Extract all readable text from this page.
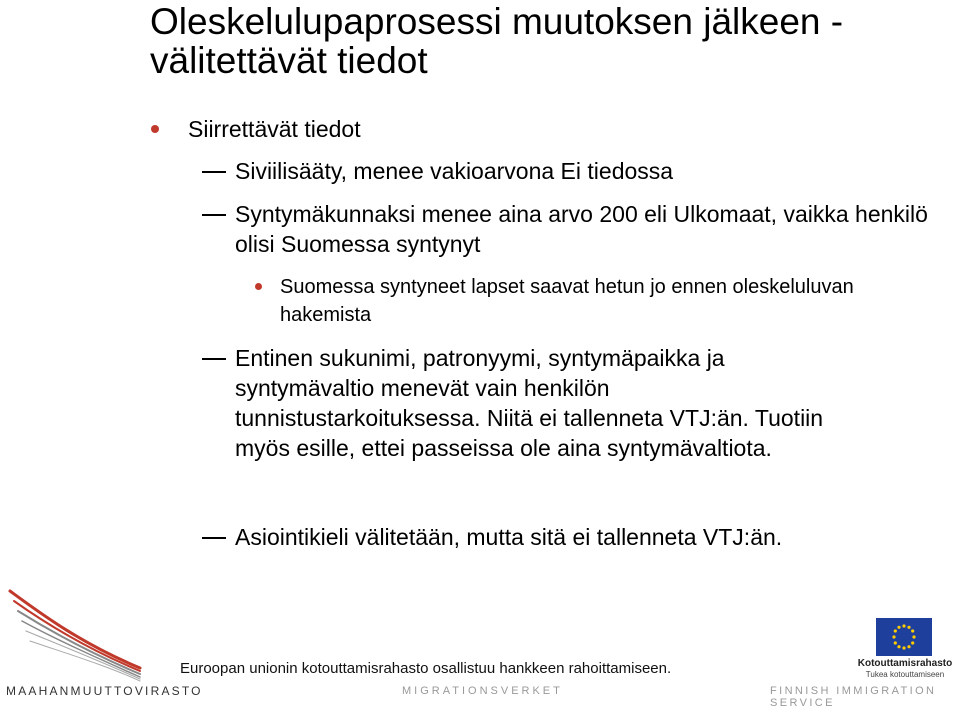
Oleskelulupaprosessi muutoksen jälkeen - välitettävät tiedot
Siirrettävät tiedot
Siviilisääty, menee vakioarvona Ei tiedossa
Syntymäkunnaksi menee aina arvo 200 eli Ulkomaat, vaikka henkilö olisi Suomessa syntynyt
Suomessa syntyneet lapset saavat hetun jo ennen oleskeluluvan hakemista
Entinen sukunimi, patronyymi, syntymäpaikka ja syntymävaltio menevät vain henkilön tunnistustarkoituksessa. Niitä ei tallenneta VTJ:än. Tuotiin myös esille, ettei passeissa ole aina syntymävaltiota.
Asiointikieli välitetään, mutta sitä ei tallenneta VTJ:än.
MAAHANMUUTTOVIRASTO
Euroopan unionin kotouttamisrahasto osallistuu hankkeen rahoittamiseen.
MIGRATIONSVERKET	FINNISH IMMIGRATION SERVICE
Kotouttamisrahasto
Tukea kotouttamiseen
